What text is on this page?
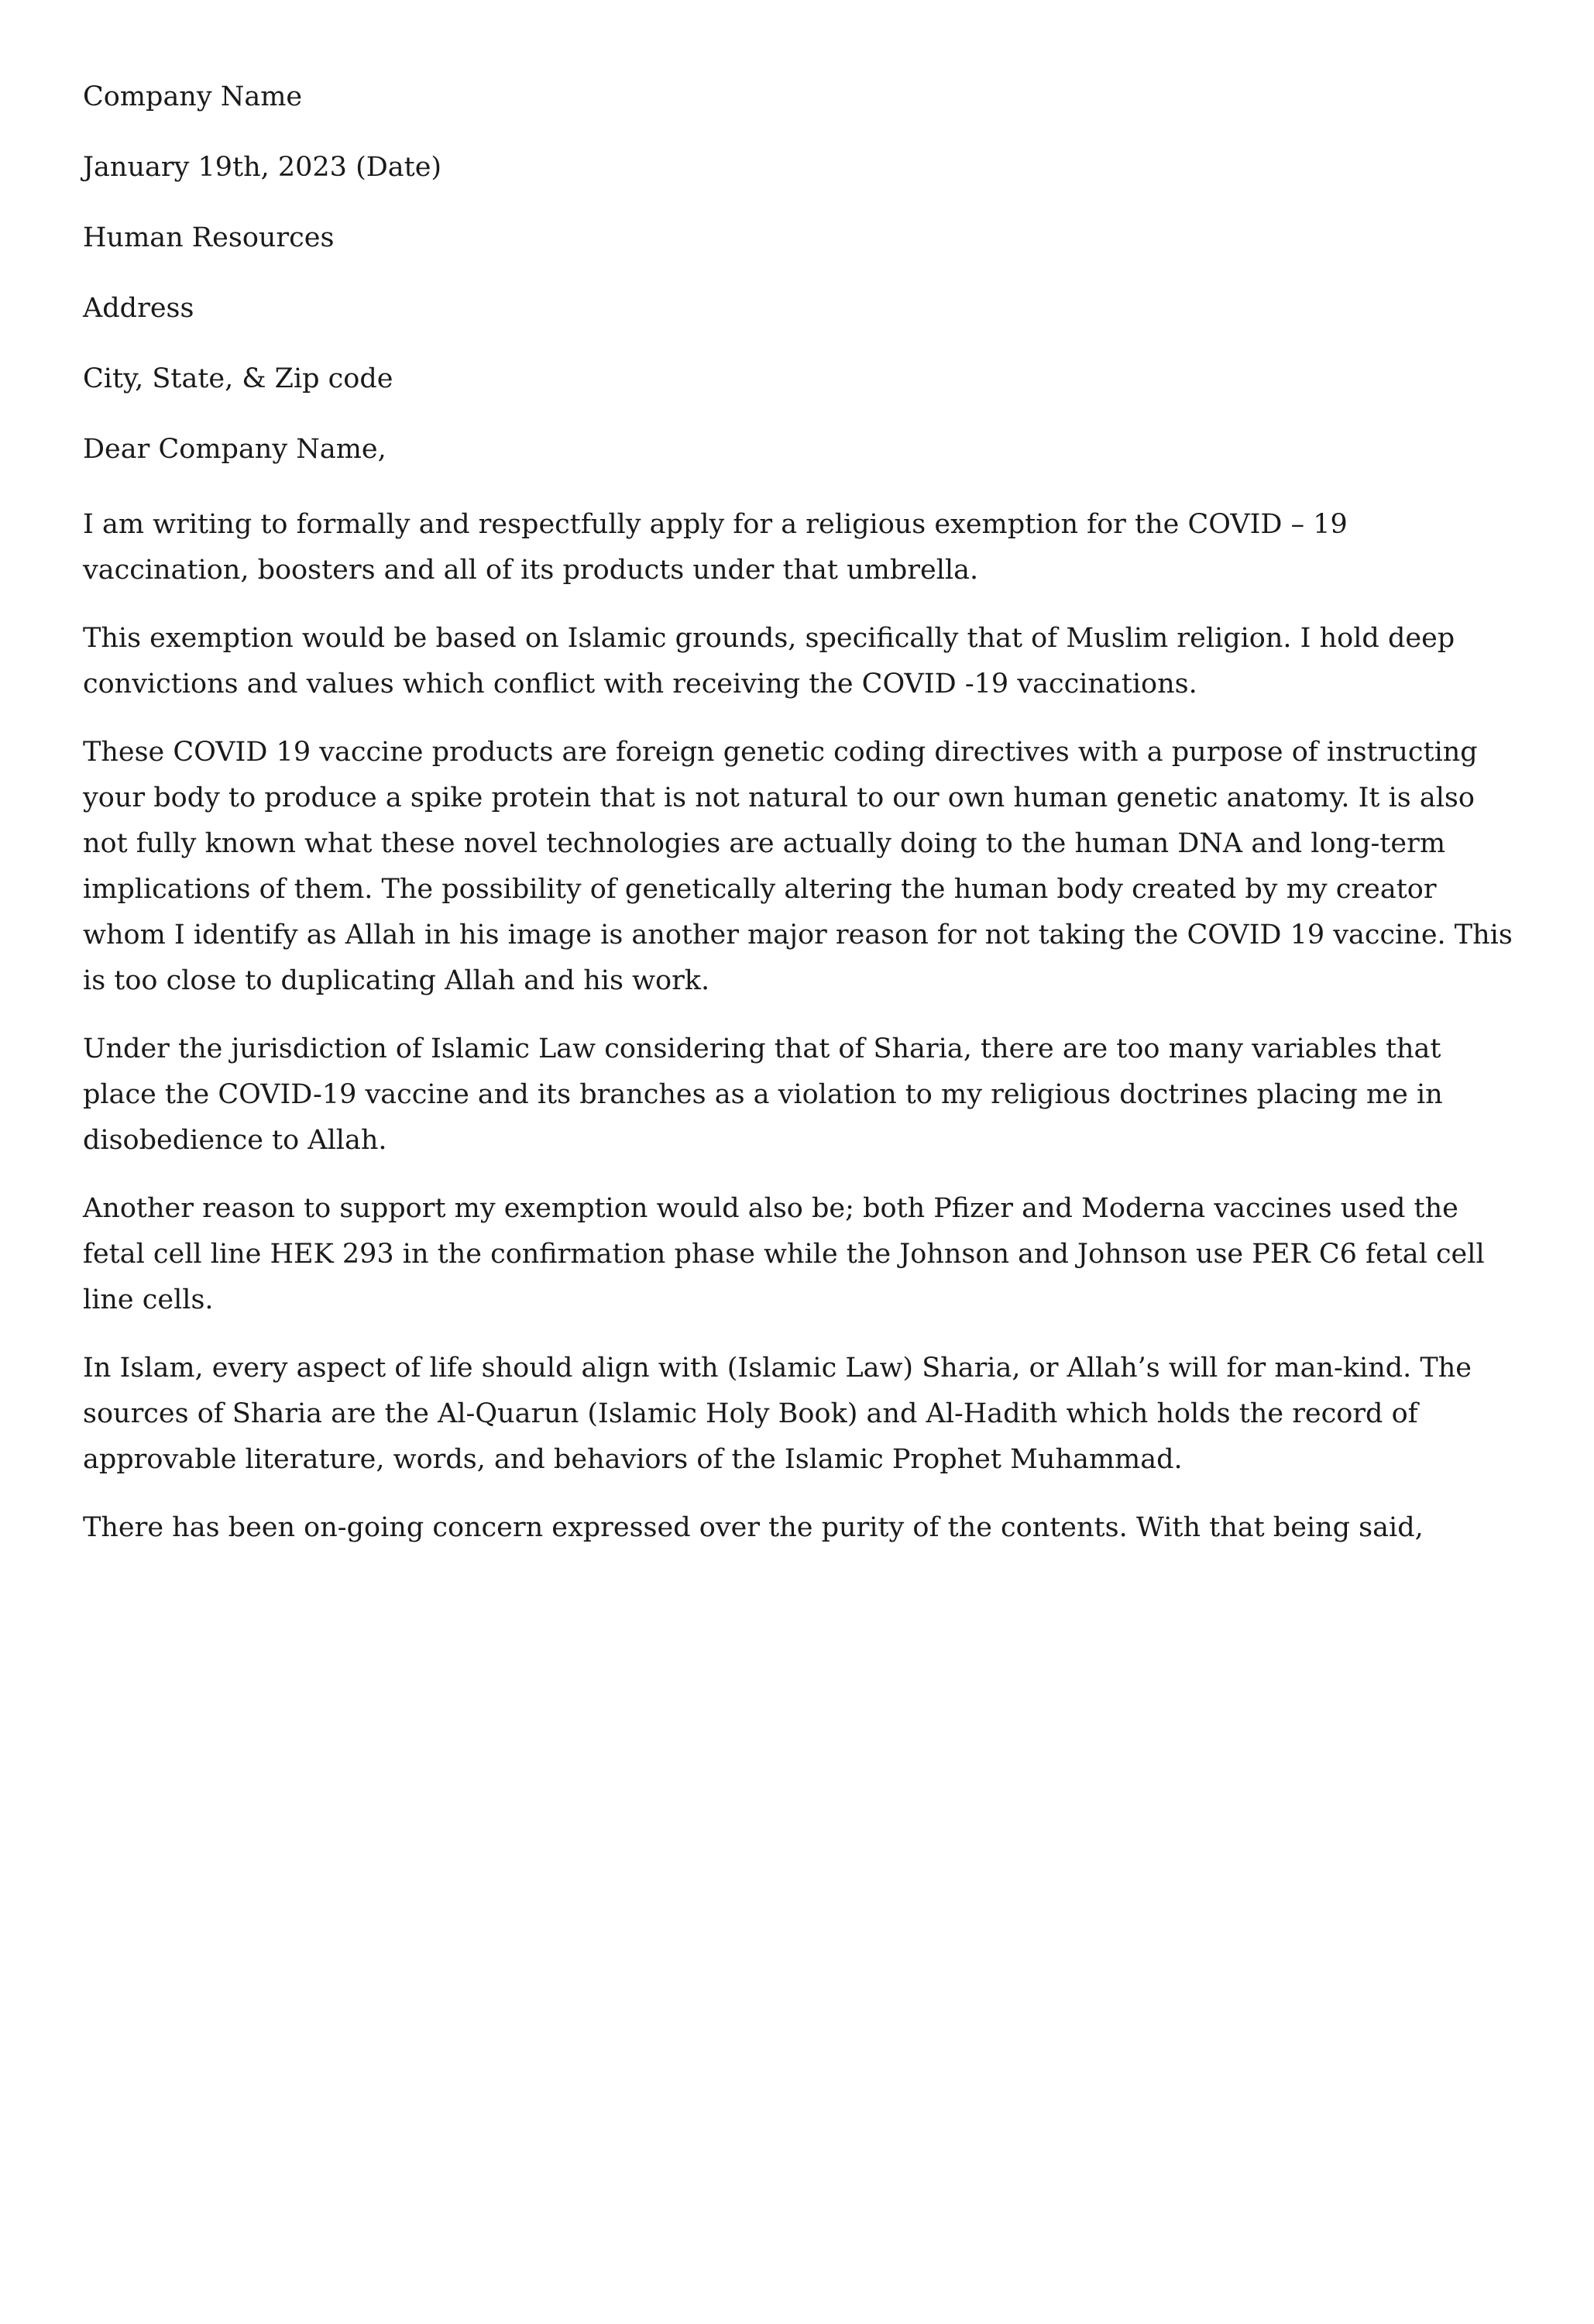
Company Name

January 19th, 2023 (Date)

Human Resources

Address

City, State, & Zip code

Dear Company Name,

I am writing to formally and respectfully apply for a religious exemption for the COVID – 19 vaccination, boosters and all of its products under that umbrella.

This exemption would be based on Islamic grounds, specifically that of Muslim religion. I hold deep convictions and values which conflict with receiving the COVID -19 vaccinations.

These COVID 19 vaccine products are foreign genetic coding directives with a purpose of instructing your body to produce a spike protein that is not natural to our own human genetic anatomy. It is also not fully known what these novel technologies are actually doing to the human DNA and long-term implications of them. The possibility of genetically altering the human body created by my creator whom I identify as Allah in his image is another major reason for not taking the COVID 19 vaccine. This is too close to duplicating Allah and his work.

Under the jurisdiction of Islamic Law considering that of Sharia, there are too many variables that place the COVID-19 vaccine and its branches as a violation to my religious doctrines placing me in disobedience to Allah.

Another reason to support my exemption would also be; both Pfizer and Moderna vaccines used the fetal cell line HEK 293 in the confirmation phase while the Johnson and Johnson use PER C6 fetal cell line cells.

In Islam, every aspect of life should align with (Islamic Law) Sharia, or Allah’s will for man-kind. The sources of Sharia are the Al-Quarun (Islamic Holy Book) and Al-Hadith which holds the record of approvable literature, words, and behaviors of the Islamic Prophet Muhammad.

There has been on-going concern expressed over the purity of the contents. With that being said,
